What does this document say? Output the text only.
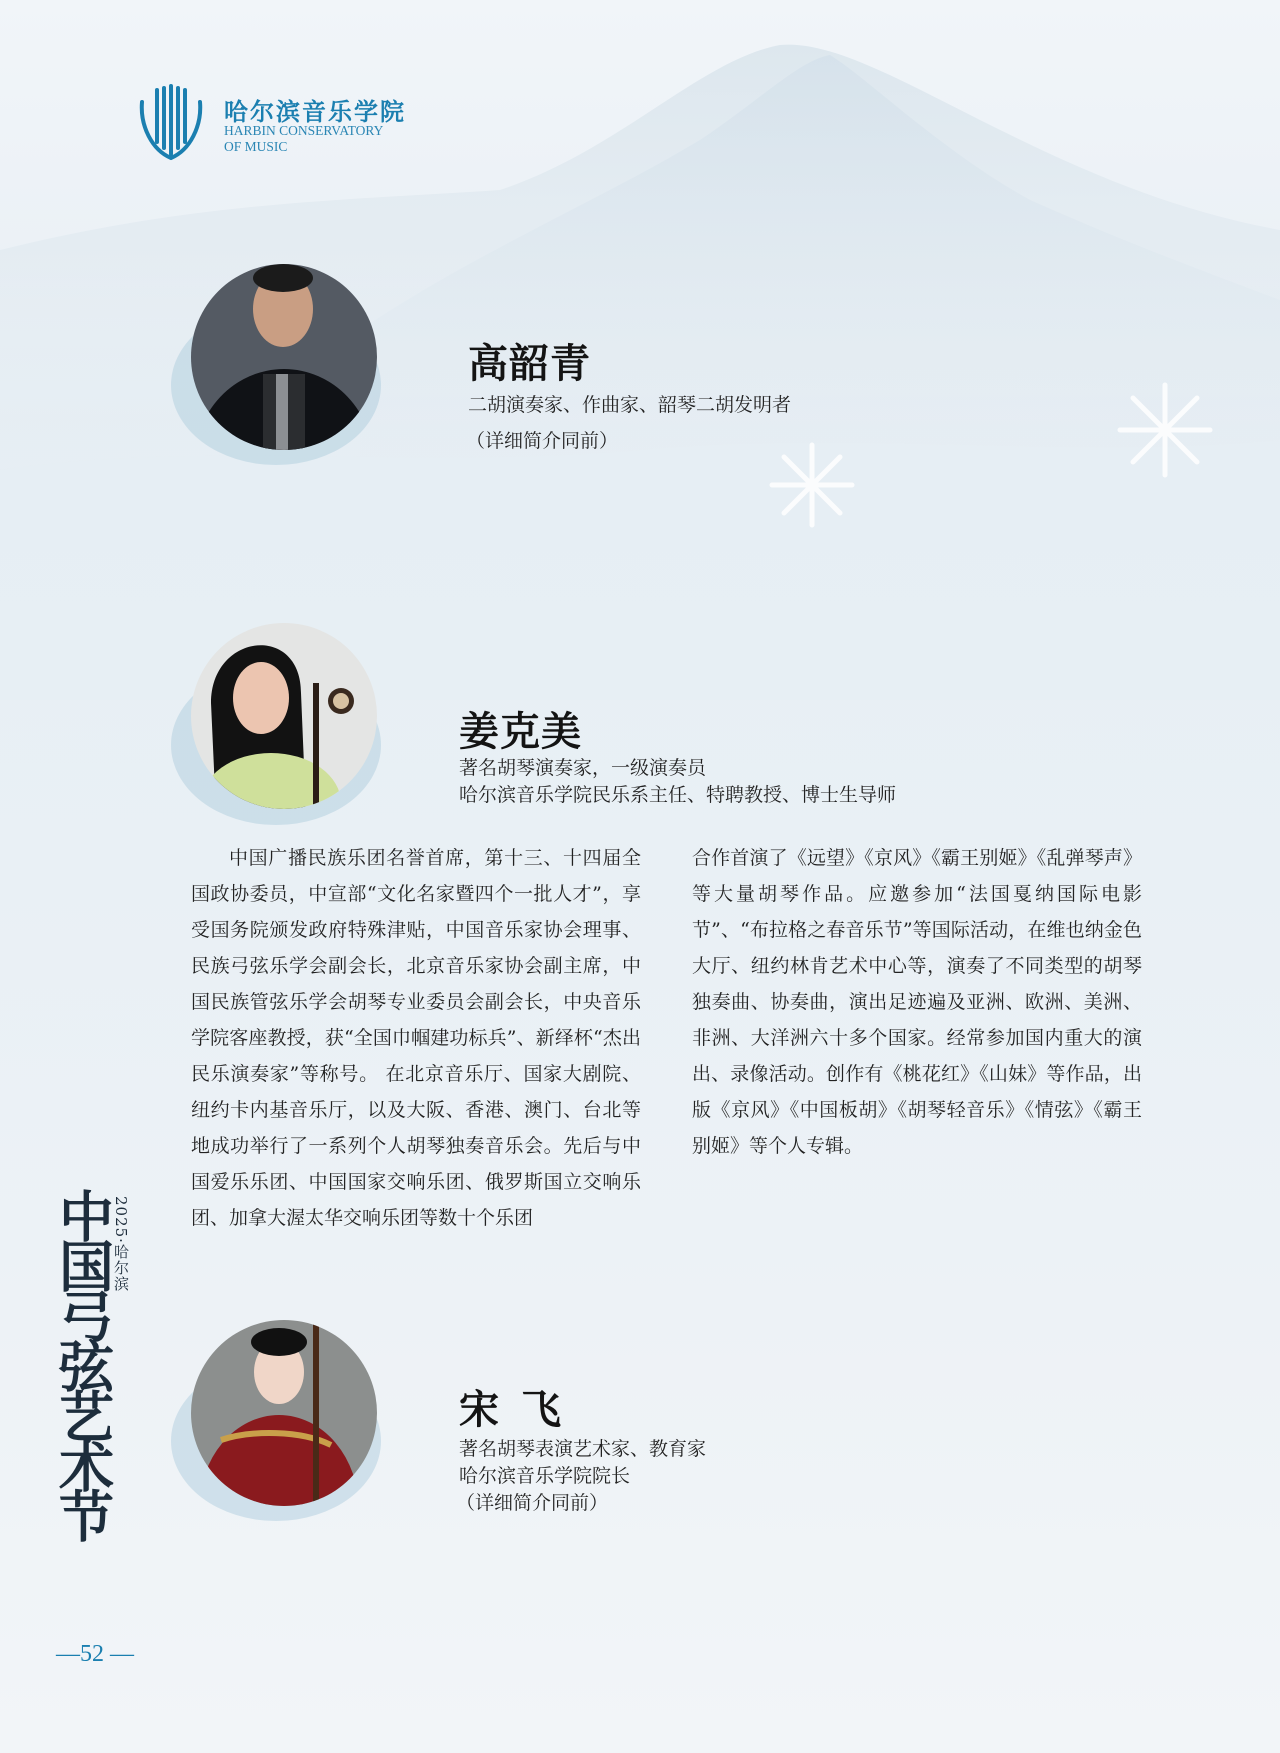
哈尔滨音乐学院
HARBIN CONSERVATORY
OF MUSIC
高韶青
二胡演奏家、作曲家、韶琴二胡发明者
（详细简介同前）
姜克美
著名胡琴演奏家，一级演奏员
哈尔滨音乐学院民乐系主任、特聘教授、博士生导师

中国广播民族乐团名誉首席，第十三、十四届全国政协委员，中宣部“文化名家暨四个一批人才”，享受国务院颁发政府特殊津贴，中国音乐家协会理事、民族弓弦乐学会副会长，北京音乐家协会副主席，中国民族管弦乐学会胡琴专业委员会副会长，中央音乐学院客座教授，获“全国巾帼建功标兵”、新绎杯“杰出民乐演奏家”等称号。 在北京音乐厅、国家大剧院、纽约卡内基音乐厅，以及大阪、香港、澳门、台北等地成功举行了一系列个人胡琴独奏音乐会。先后与中国爱乐乐团、中国国家交响乐团、俄罗斯国立交响乐团、加拿大渥太华交响乐团等数十个乐团

合作首演了《远望》《京风》《霸王别姬》《乱弹琴声》等大量胡琴作品。应邀参加“法国戛纳国际电影节”、“布拉格之春音乐节”等国际活动，在维也纳金色大厅、纽约林肯艺术中心等，演奏了不同类型的胡琴独奏曲、协奏曲，演出足迹遍及亚洲、欧洲、美洲、非洲、大洋洲六十多个国家。经常参加国内重大的演出、录像活动。创作有《桃花红》《山妹》等作品，出版《京风》《中国板胡》《胡琴轻音乐》《情弦》《霸王别姬》等个人专辑。

宋飞
著名胡琴表演艺术家、教育家
哈尔滨音乐学院院长
（详细简介同前）
中国弓弦艺术节
2025·哈尔滨
—52 —
